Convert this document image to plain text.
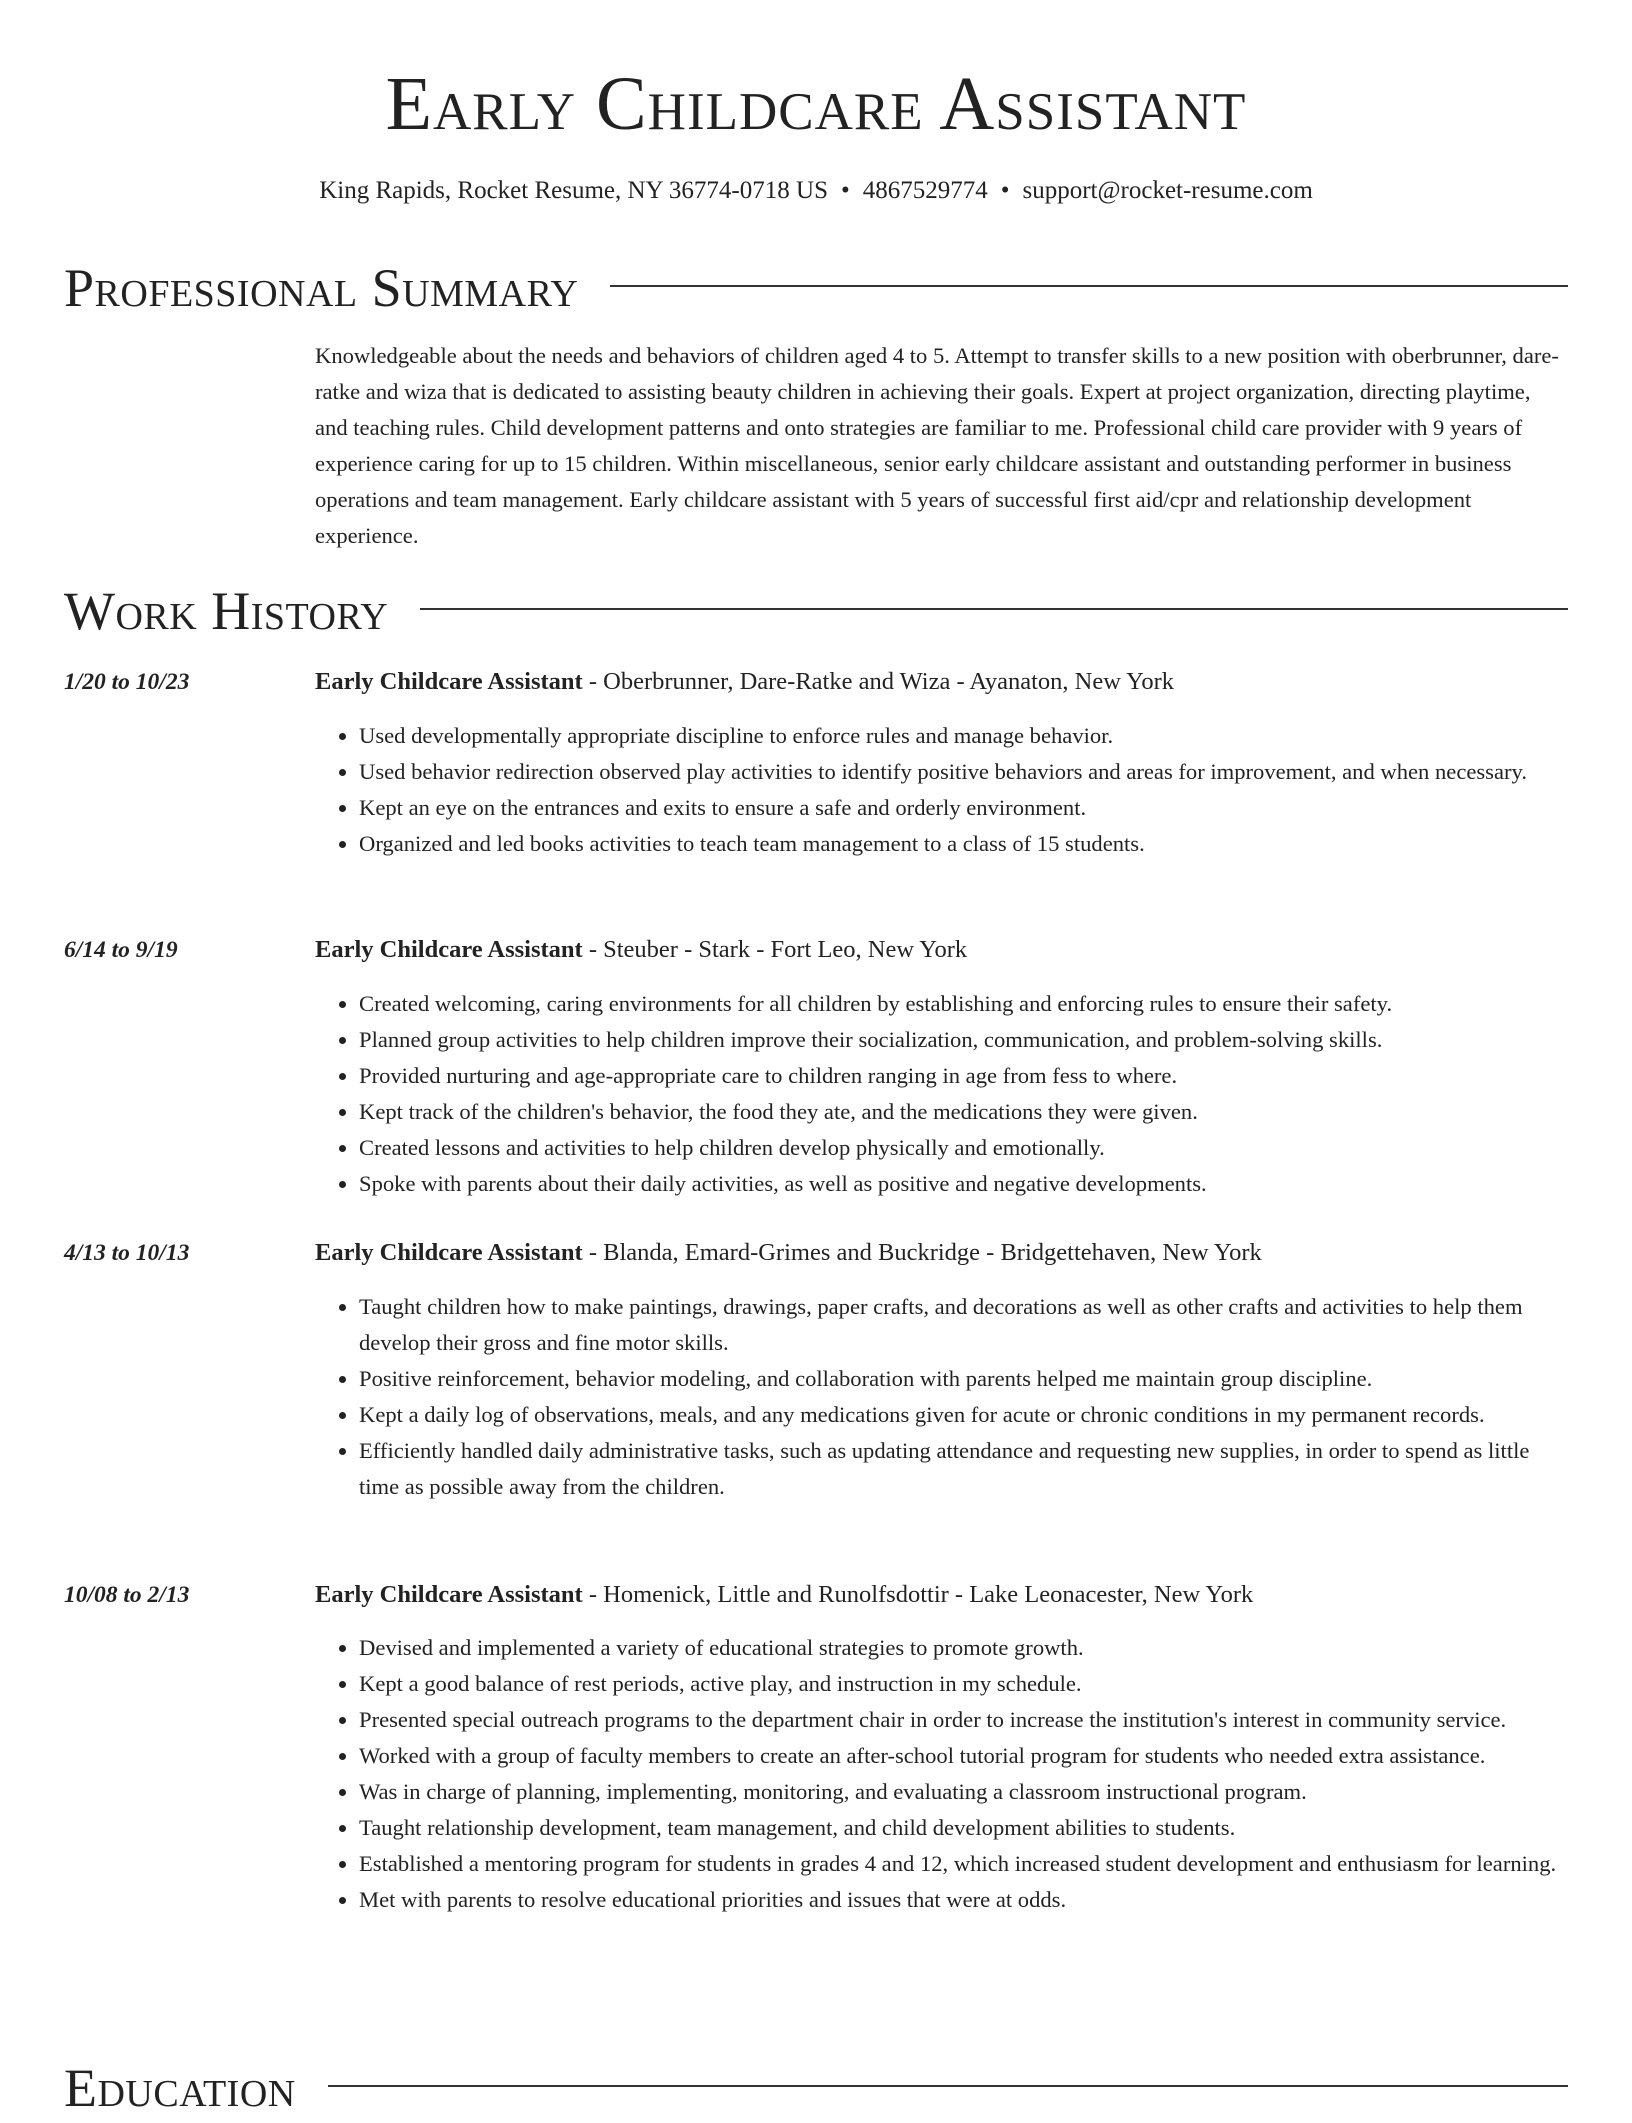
Early Childcare Assistant
King Rapids, Rocket Resume, NY 36774-0718 US • 4867529774 • support@rocket-resume.com
Professional Summary
Knowledgeable about the needs and behaviors of children aged 4 to 5. Attempt to transfer skills to a new position with oberbrunner, dare-ratke and wiza that is dedicated to assisting beauty children in achieving their goals. Expert at project organization, directing playtime, and teaching rules. Child development patterns and onto strategies are familiar to me. Professional child care provider with 9 years of experience caring for up to 15 children. Within miscellaneous, senior early childcare assistant and outstanding performer in business operations and team management. Early childcare assistant with 5 years of successful first aid/cpr and relationship development experience.
Work History
1/20 to 10/23	Early Childcare Assistant - Oberbrunner, Dare-Ratke and Wiza - Ayanaton, New York
• Used developmentally appropriate discipline to enforce rules and manage behavior.
• Used behavior redirection observed play activities to identify positive behaviors and areas for improvement, and when necessary.
• Kept an eye on the entrances and exits to ensure a safe and orderly environment.
• Organized and led books activities to teach team management to a class of 15 students.
6/14 to 9/19	Early Childcare Assistant - Steuber - Stark - Fort Leo, New York
• Created welcoming, caring environments for all children by establishing and enforcing rules to ensure their safety.
• Planned group activities to help children improve their socialization, communication, and problem-solving skills.
• Provided nurturing and age-appropriate care to children ranging in age from fess to where.
• Kept track of the children's behavior, the food they ate, and the medications they were given.
• Created lessons and activities to help children develop physically and emotionally.
• Spoke with parents about their daily activities, as well as positive and negative developments.
4/13 to 10/13	Early Childcare Assistant - Blanda, Emard-Grimes and Buckridge - Bridgettehaven, New York
• Taught children how to make paintings, drawings, paper crafts, and decorations as well as other crafts and activities to help them develop their gross and fine motor skills.
• Positive reinforcement, behavior modeling, and collaboration with parents helped me maintain group discipline.
• Kept a daily log of observations, meals, and any medications given for acute or chronic conditions in my permanent records.
• Efficiently handled daily administrative tasks, such as updating attendance and requesting new supplies, in order to spend as little time as possible away from the children.
10/08 to 2/13	Early Childcare Assistant - Homenick, Little and Runolfsdottir - Lake Leonacester, New York
• Devised and implemented a variety of educational strategies to promote growth.
• Kept a good balance of rest periods, active play, and instruction in my schedule.
• Presented special outreach programs to the department chair in order to increase the institution's interest in community service.
• Worked with a group of faculty members to create an after-school tutorial program for students who needed extra assistance.
• Was in charge of planning, implementing, monitoring, and evaluating a classroom instructional program.
• Taught relationship development, team management, and child development abilities to students.
• Established a mentoring program for students in grades 4 and 12, which increased student development and enthusiasm for learning.
• Met with parents to resolve educational priorities and issues that were at odds.
Education
